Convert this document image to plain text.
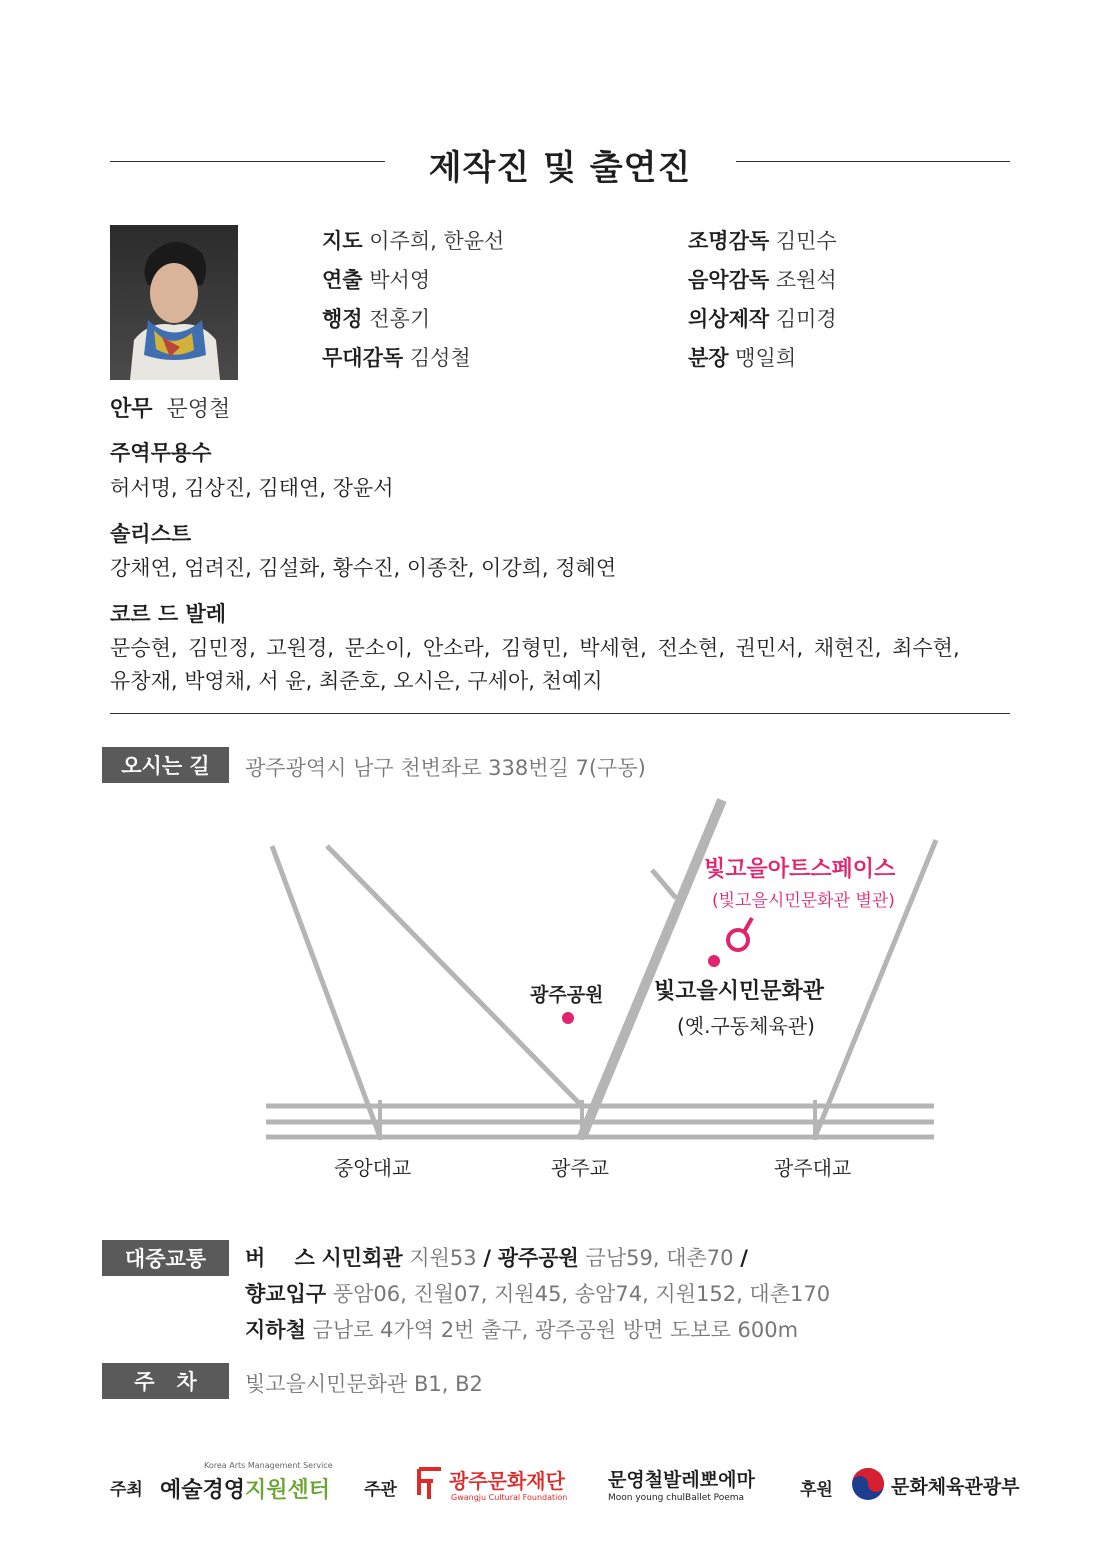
제작진 및 출연진
안무 문영철
지도 이주희, 한윤선
연출 박서영
행정 전홍기
무대감독 김성철
조명감독 김민수
음악감독 조원석
의상제작 김미경
분장 맹일희
주역무용수
허서명, 김상진, 김태연, 장윤서
솔리스트
강채연, 엄려진, 김설화, 황수진, 이종찬, 이강희, 정혜연
코르 드 발레
문승현, 김민정, 고원경, 문소이, 안소라, 김형민, 박세현, 전소현, 권민서, 채현진, 최수현,
유창재, 박영채, 서 윤, 최준호, 오시은, 구세아, 천예지
오시는 길	광주광역시 남구 천변좌로 338번길 7(구동)
빛고을아트스페이스
(빛고을시민문화관 별관)
빛고을시민문화관
(옛.구동체육관)
광주공원
중앙대교	광주교	광주대교
대중교통	버    스 시민회관 지원53 / 광주공원 금남59, 대촌70 /
향교입구 풍암06, 진월07, 지원45, 송암74, 지원152, 대촌170
지하철 금남로 4가역 2번 출구, 광주공원 방면 도보로 600m
주   차	빛고을시민문화관 B1, B2
주최
Korea Arts Management Service
예술경영지원센터 주관	광주문화재단
Gwangju Cultural Foundation
문영철발레뽀에마
Moon young chulBallet Poema	후원	문화체육관광부
